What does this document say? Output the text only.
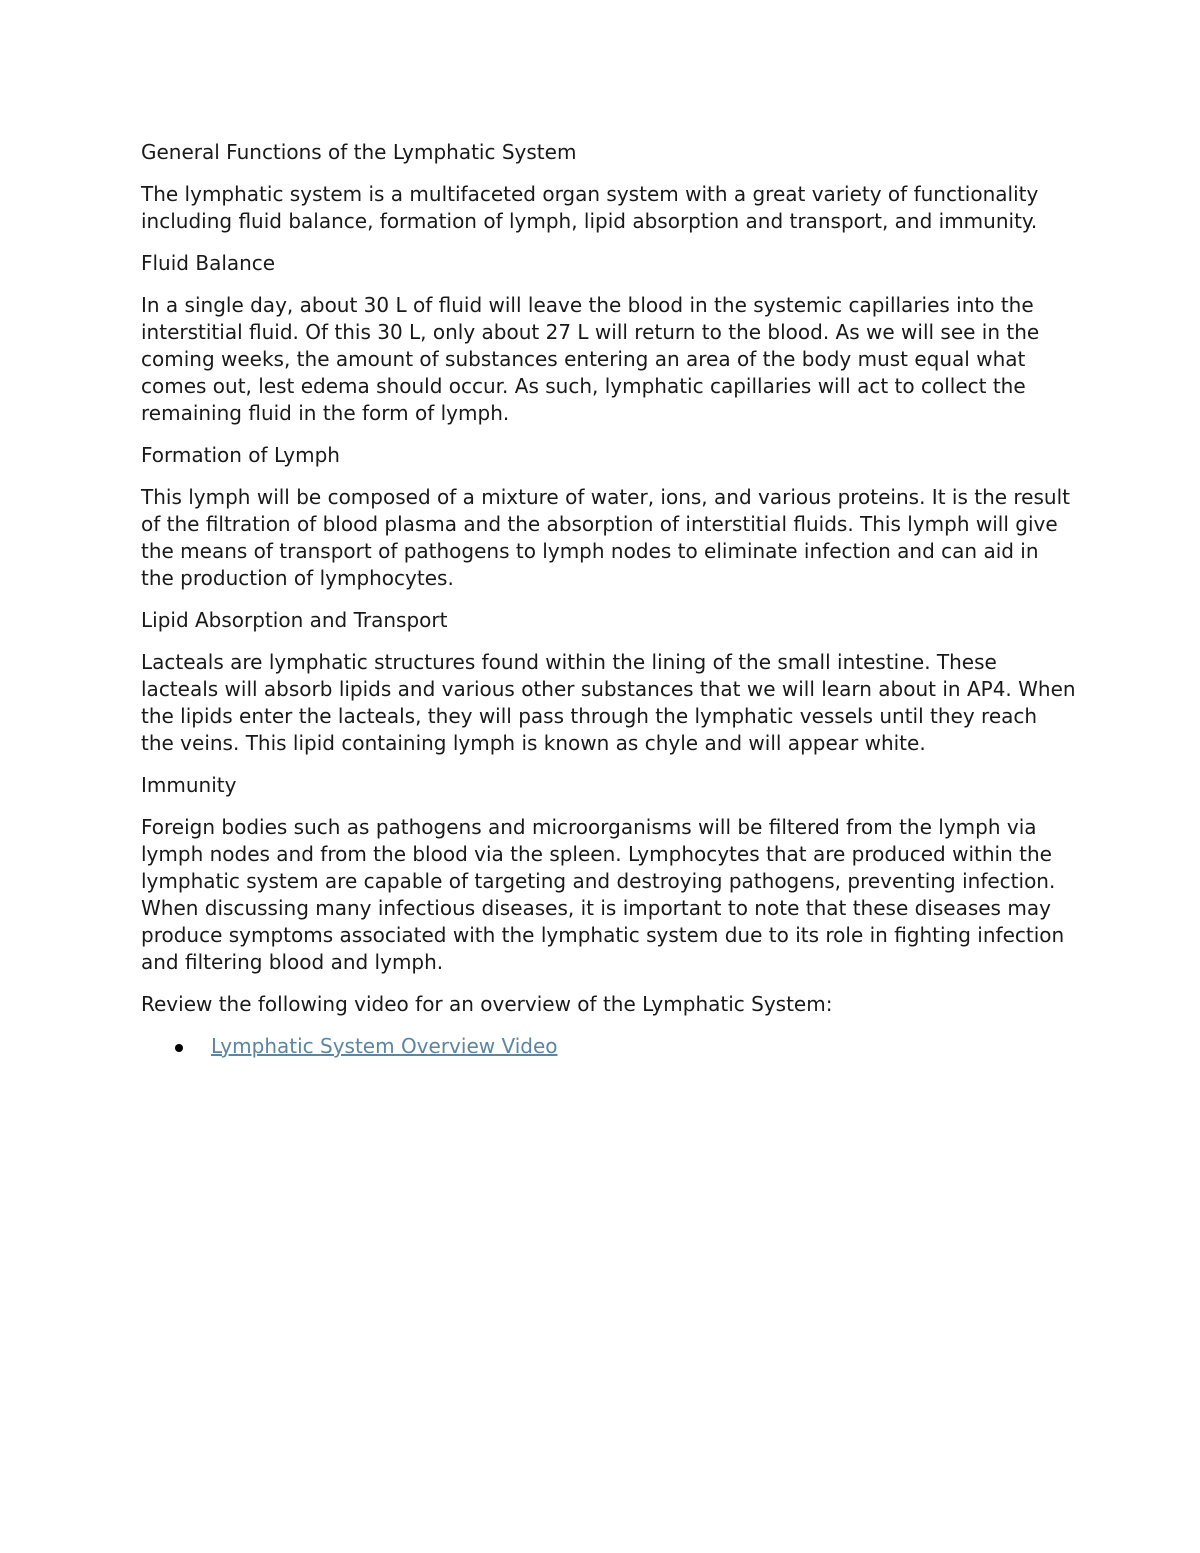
General Functions of the Lymphatic System

The lymphatic system is a multifaceted organ system with a great variety of functionality including fluid balance, formation of lymph, lipid absorption and transport, and immunity.

Fluid Balance

In a single day, about 30 L of fluid will leave the blood in the systemic capillaries into the interstitial fluid. Of this 30 L, only about 27 L will return to the blood. As we will see in the coming weeks, the amount of substances entering an area of the body must equal what comes out, lest edema should occur. As such, lymphatic capillaries will act to collect the remaining fluid in the form of lymph.

Formation of Lymph

This lymph will be composed of a mixture of water, ions, and various proteins. It is the result of the filtration of blood plasma and the absorption of interstitial fluids. This lymph will give the means of transport of pathogens to lymph nodes to eliminate infection and can aid in the production of lymphocytes.

Lipid Absorption and Transport

Lacteals are lymphatic structures found within the lining of the small intestine. These lacteals will absorb lipids and various other substances that we will learn about in AP4. When the lipids enter the lacteals, they will pass through the lymphatic vessels until they reach the veins. This lipid containing lymph is known as chyle and will appear white.

Immunity

Foreign bodies such as pathogens and microorganisms will be filtered from the lymph via lymph nodes and from the blood via the spleen. Lymphocytes that are produced within the lymphatic system are capable of targeting and destroying pathogens, preventing infection. When discussing many infectious diseases, it is important to note that these diseases may produce symptoms associated with the lymphatic system due to its role in fighting infection and filtering blood and lymph.

Review the following video for an overview of the Lymphatic System:

Lymphatic System Overview Video
